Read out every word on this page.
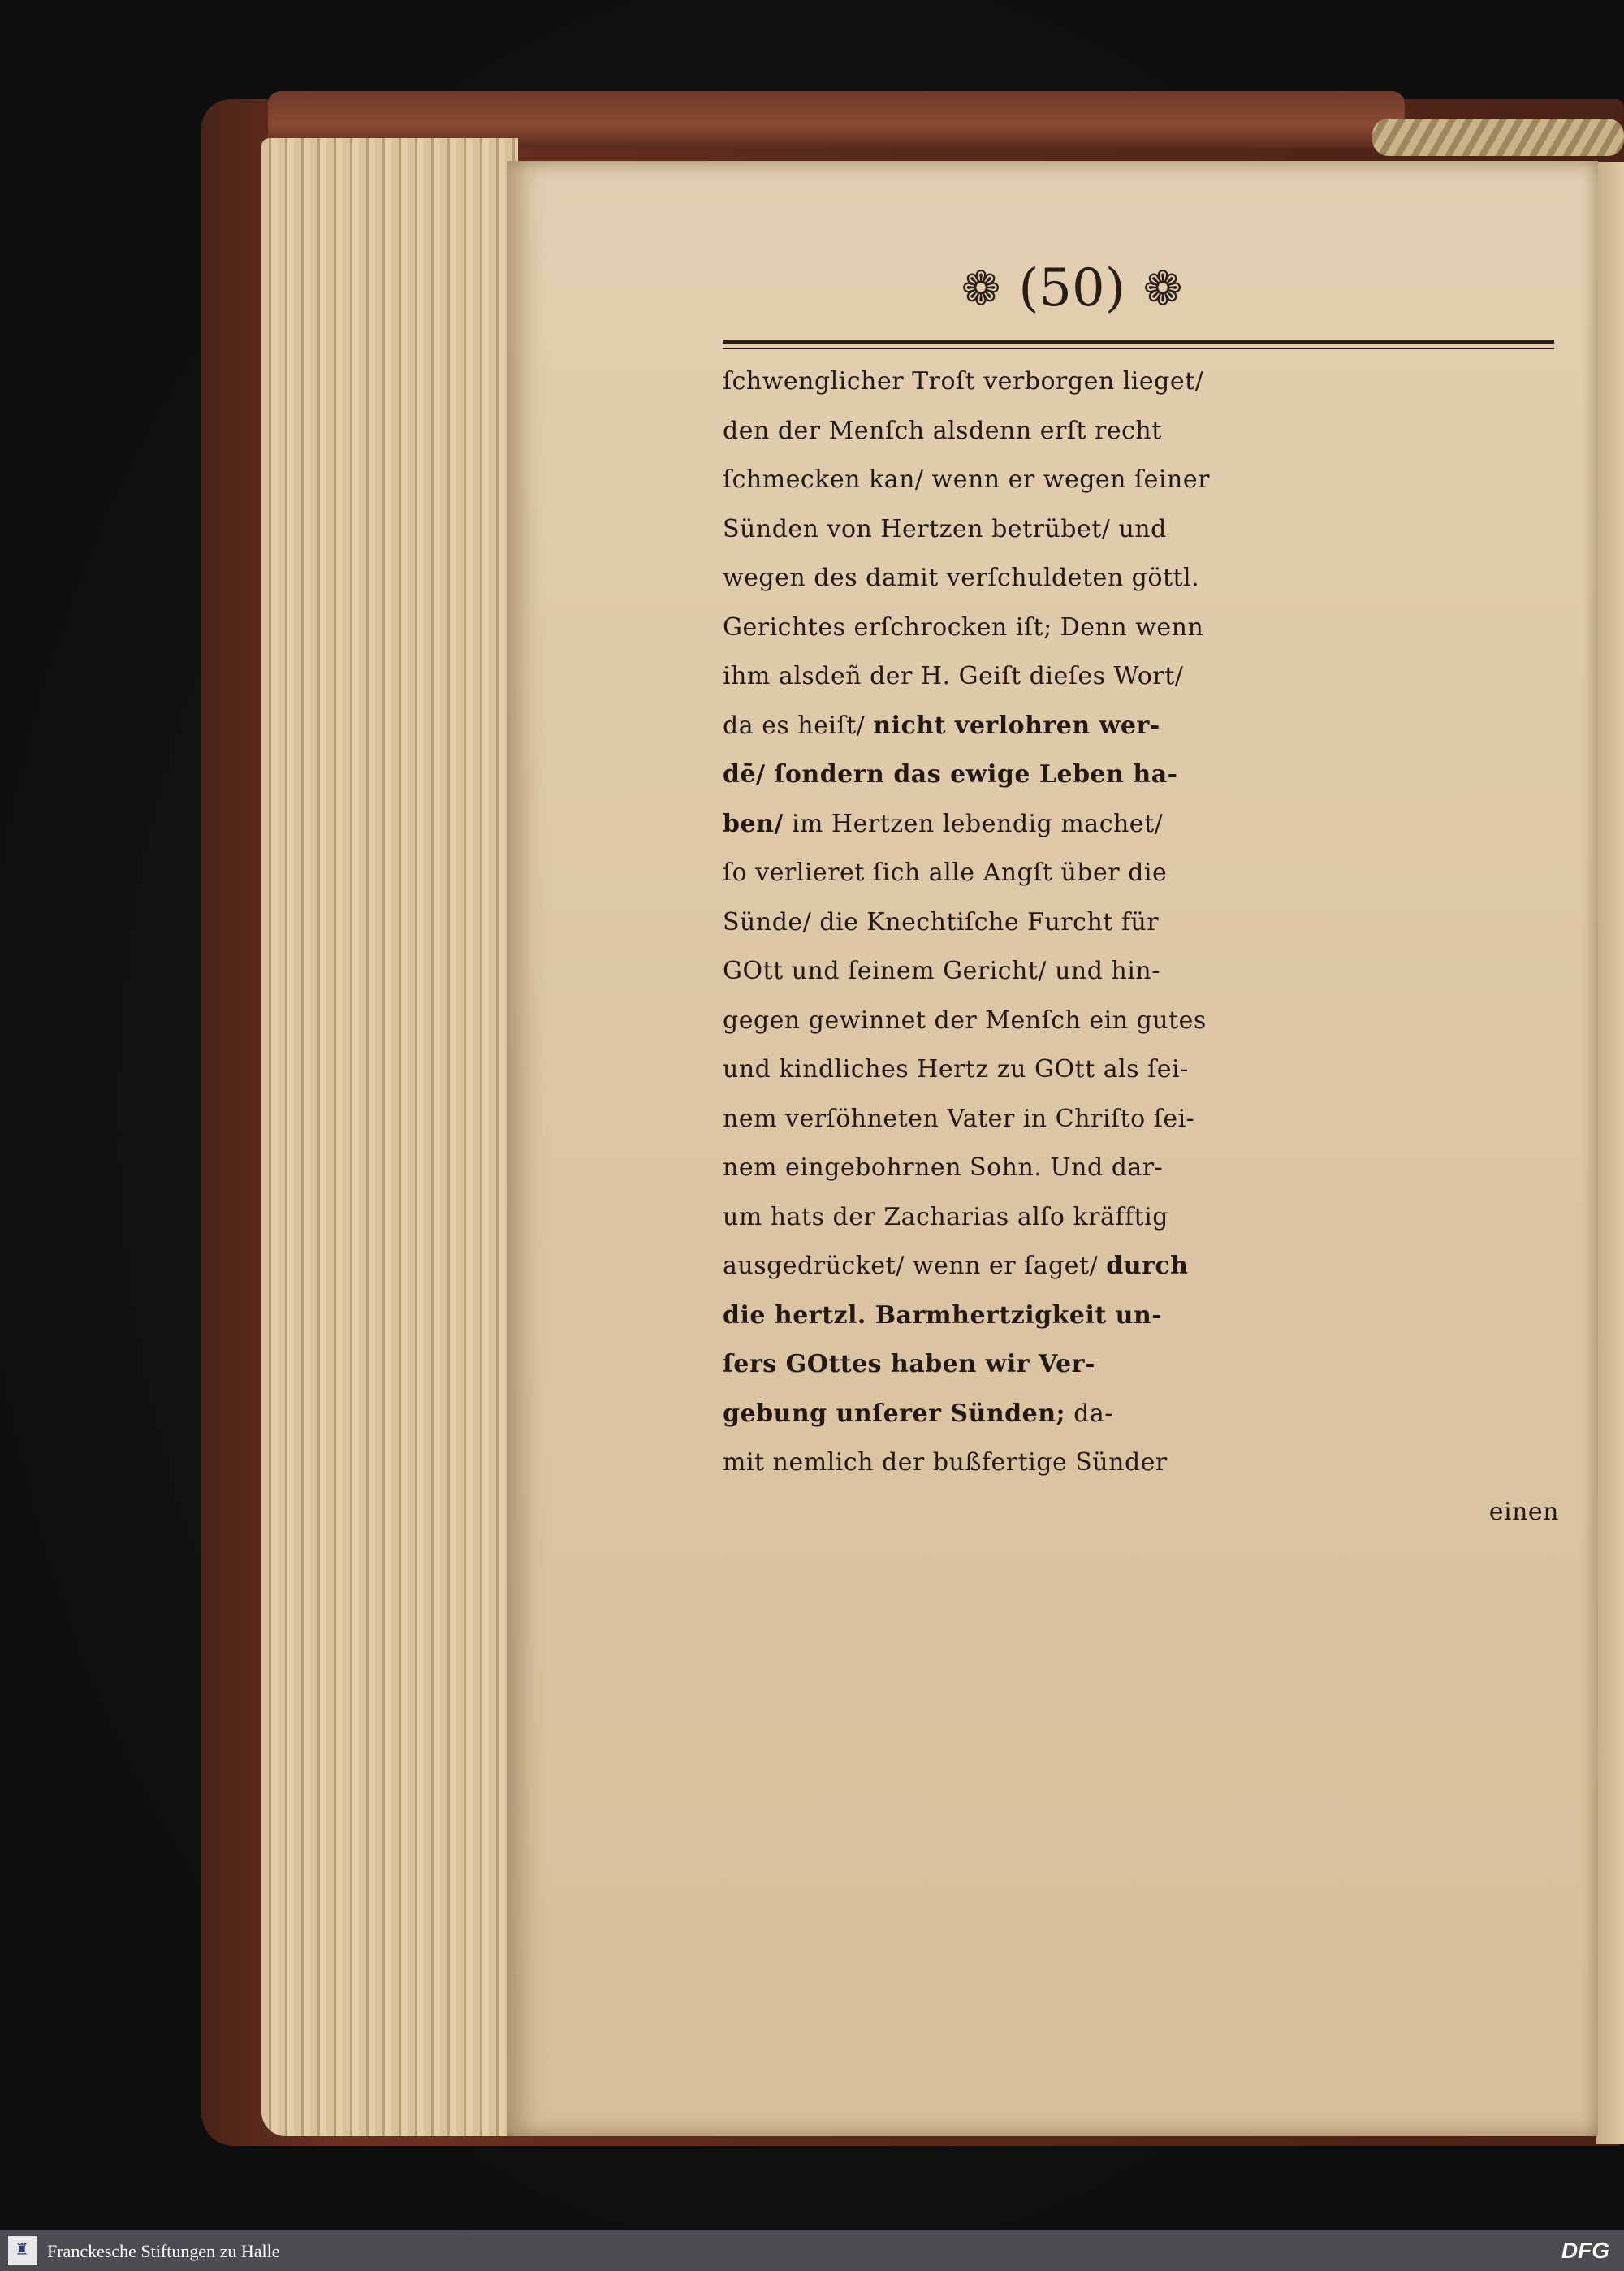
❁ (50) ❁
ſchwenglicher Troſt verborgen lieget/
den der Menſch alsdenn erſt recht
ſchmecken kan/ wenn er wegen ſeiner
Sünden von Hertzen betrübet/ und
wegen des damit verſchuldeten göttl.
Gerichtes erſchrocken iſt; Denn wenn
ihm alsdeñ der H. Geiſt dieſes Wort/
da es heiſt/ nicht verlohren wer-
dē/ ſondern das ewige Leben ha-
ben/ im Hertzen lebendig machet/
ſo verlieret ſich alle Angſt über die
Sünde/ die Knechtiſche Furcht für
GOtt und ſeinem Gericht/ und hin-
gegen gewinnet der Menſch ein gutes
und kindliches Hertz zu GOtt als ſei-
nem verſöhneten Vater in Chriſto ſei-
nem eingebohrnen Sohn. Und dar-
um hats der Zacharias alſo kräfftig
ausgedrücket/ wenn er ſaget/ durch
die hertzl. Barmhertzigkeit un-
ſers GOttes haben wir Ver-
gebung unſerer Sünden; da-
mit nemlich der bußfertige Sünder
einen
♜ Franckesche Stiftungen zu Halle	DFG
